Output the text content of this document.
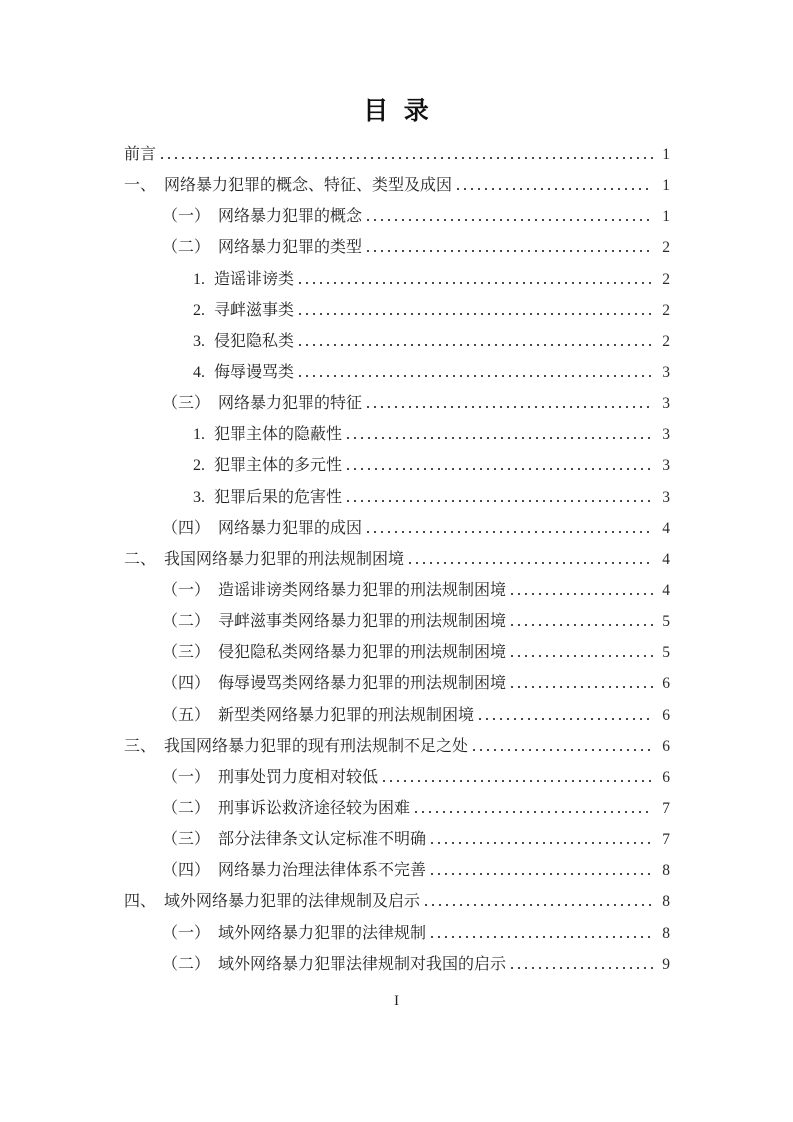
目  录
前言	1
一、 网络暴力犯罪的概念、特征、类型及成因	1
（一） 网络暴力犯罪的概念	1
（二） 网络暴力犯罪的类型	2
1. 造谣诽谤类	2
2. 寻衅滋事类	2
3. 侵犯隐私类	2
4. 侮辱谩骂类	3
（三） 网络暴力犯罪的特征	3
1. 犯罪主体的隐蔽性	3
2. 犯罪主体的多元性	3
3. 犯罪后果的危害性	3
（四） 网络暴力犯罪的成因	4
二、 我国网络暴力犯罪的刑法规制困境	4
（一） 造谣诽谤类网络暴力犯罪的刑法规制困境	4
（二） 寻衅滋事类网络暴力犯罪的刑法规制困境	5
（三） 侵犯隐私类网络暴力犯罪的刑法规制困境	5
（四） 侮辱谩骂类网络暴力犯罪的刑法规制困境	6
（五） 新型类网络暴力犯罪的刑法规制困境	6
三、 我国网络暴力犯罪的现有刑法规制不足之处	6
（一） 刑事处罚力度相对较低	6
（二） 刑事诉讼救济途径较为困难	7
（三） 部分法律条文认定标准不明确	7
（四） 网络暴力治理法律体系不完善	8
四、 域外网络暴力犯罪的法律规制及启示	8
（一） 域外网络暴力犯罪的法律规制	8
（二） 域外网络暴力犯罪法律规制对我国的启示	9
I
